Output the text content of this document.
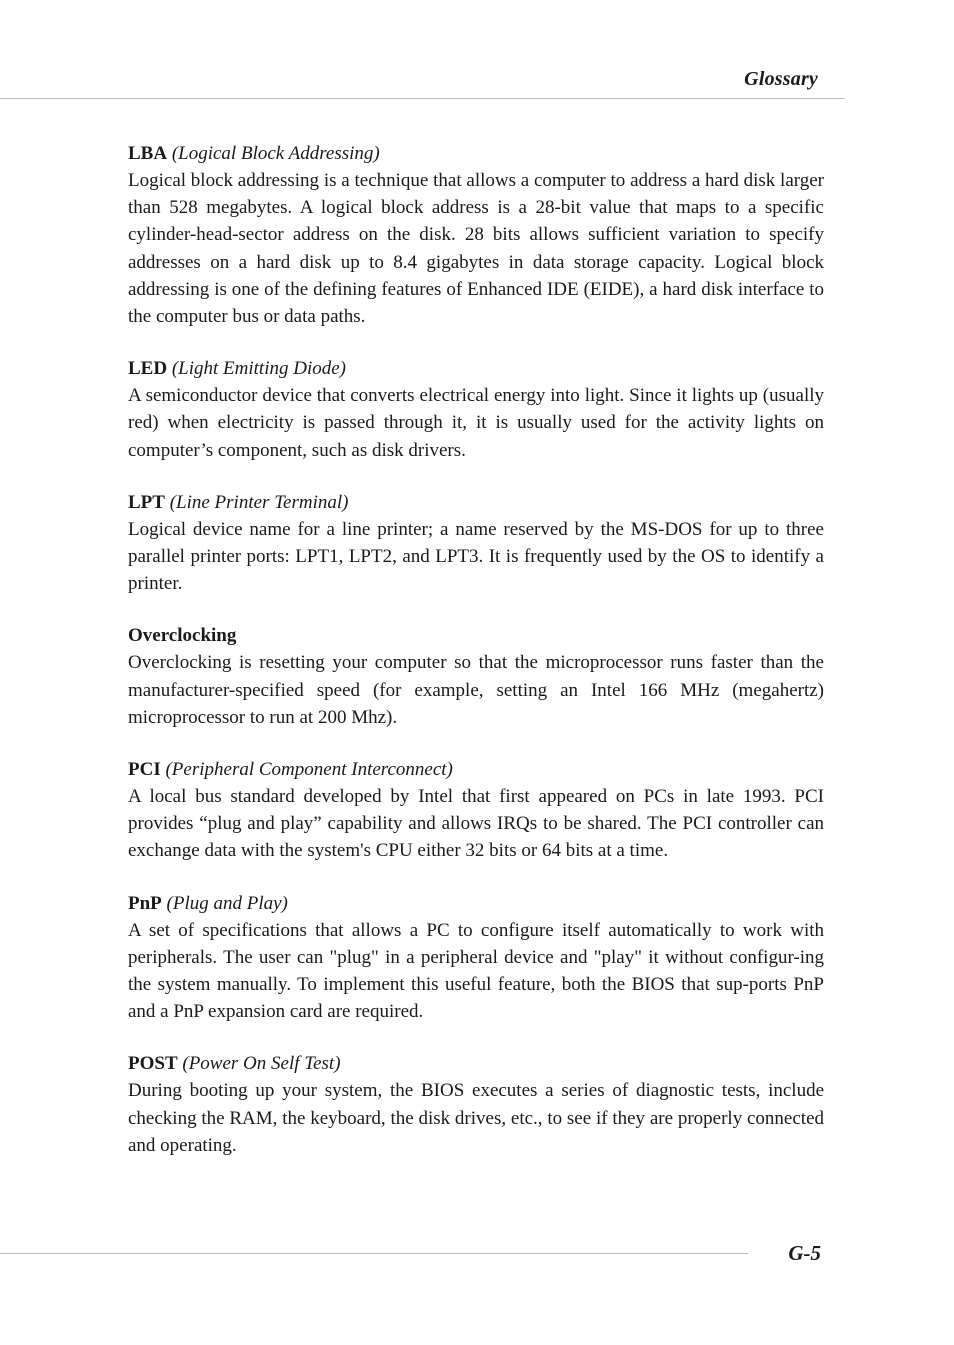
Glossary
LBA (Logical Block Addressing)

Logical block addressing is a technique that allows a computer to address a hard disk larger than 528 megabytes. A logical block address is a 28-bit value that maps to a specific cylinder-head-sector address on the disk. 28 bits allows sufficient variation to specify addresses on a hard disk up to 8.4 gigabytes in data storage capacity. Logical block addressing is one of the defining features of Enhanced IDE (EIDE), a hard disk interface to the computer bus or data paths.

LED (Light Emitting Diode)

A semiconductor device that converts electrical energy into light. Since it lights up (usually red) when electricity is passed through it, it is usually used for the activity lights on computer’s component, such as disk drivers.

LPT (Line Printer Terminal)

Logical device name for a line printer; a name reserved by the MS-DOS for up to three parallel printer ports: LPT1, LPT2, and LPT3. It is frequently used by the OS to identify a printer.

Overclocking

Overclocking is resetting your computer so that the microprocessor runs faster than the manufacturer-specified speed (for example, setting an Intel 166 MHz (megahertz) microprocessor to run at 200 Mhz).

PCI (Peripheral Component Interconnect)

A local bus standard developed by Intel that first appeared on PCs in late 1993. PCI provides “plug and play” capability and allows IRQs to be shared. The PCI controller can exchange data with the system's CPU either 32 bits or 64 bits at a time.

PnP (Plug and Play)

A set of specifications that allows a PC to configure itself automatically to work with peripherals. The user can "plug" in a peripheral device and "play" it without configur-ing the system manually. To implement this useful feature, both the BIOS that sup-ports PnP and a PnP expansion card are required.

POST (Power On Self Test)

During booting up your system, the BIOS executes a series of diagnostic tests, include checking the RAM, the keyboard, the disk drives, etc., to see if they are properly connected and operating.

G-5
